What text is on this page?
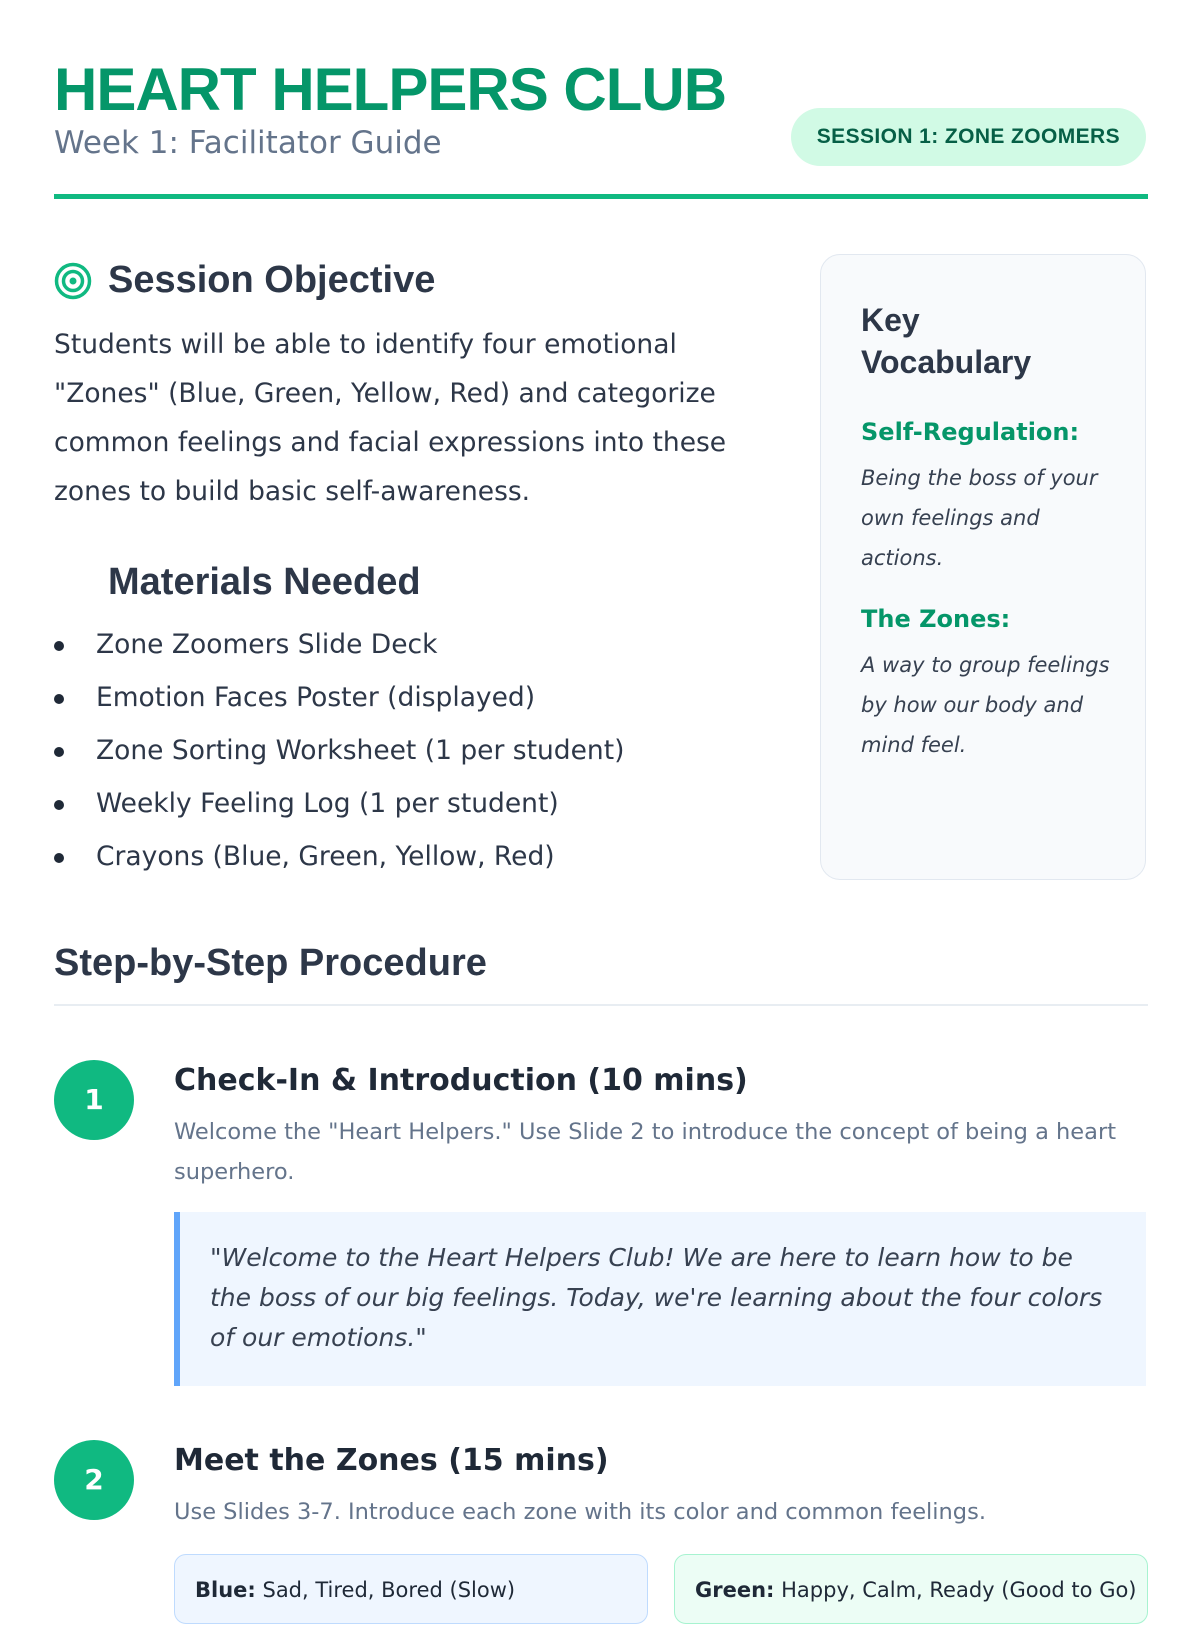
HEART HELPERS CLUB
Week 1: Facilitator Guide	SESSION 1: ZONE ZOOMERS
Session Objective

Students will be able to identify four emotional "Zones" (Blue, Green, Yellow, Red) and categorize common feelings and facial expressions into these zones to build basic self-awareness.

Materials Needed
Zone Zoomers Slide Deck
Emotion Faces Poster (displayed)
Zone Sorting Worksheet (1 per student)
Weekly Feeling Log (1 per student)
Crayons (Blue, Green, Yellow, Red)
Key Vocabulary
Self-Regulation:

Being the boss of your own feelings and actions.

The Zones:

A way to group feelings by how our body and mind feel.

Step-by-Step Procedure
1
Check-In & Introduction (10 mins)

Welcome the "Heart Helpers." Use Slide 2 to introduce the concept of being a heart superhero.

"Welcome to the Heart Helpers Club! We are here to learn how to be the boss of our big feelings. Today, we're learning about the four colors of our emotions."

2
Meet the Zones (15 mins)

Use Slides 3-7. Introduce each zone with its color and common feelings.

Blue: Sad, Tired, Bored (Slow)	Green: Happy, Calm, Ready (Good to Go)
